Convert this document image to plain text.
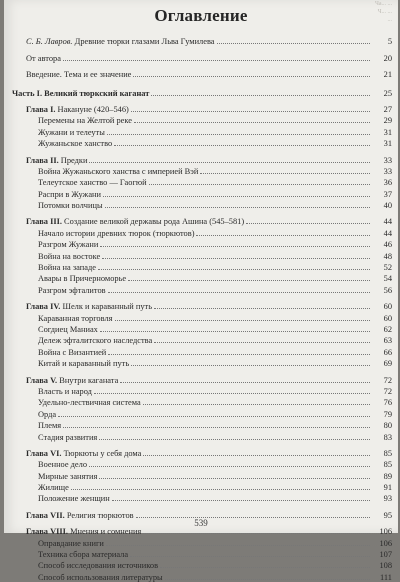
Ча... ...
Ч... ...
...
Оглавление
С. Б. Лавров. Древние тюрки глазами Льва Гумилева	5
От автора	20
Введение. Тема и ее значение	21
Часть I. Великий тюркский каганат	25
Глава I. Накануне (420–546)	27
Перемены на Желтой реке	29
Жужани и телеуты	31
Жужаньское ханство	31
Глава II. Предки	33
Война Жужаньского ханства с империей Вэй	33
Телеутское ханство — Гаогюй	36
Распри в Жужани	37
Потомки волчицы	40
Глава III. Создание великой державы рода Ашина (545–581)	44
Начало истории древних тюрок (тюркютов)	44
Разгром Жужани	46
Война на востоке	48
Война на западе	52
Авары в Причерноморье	54
Разгром эфталитов	56
Глава IV. Шелк и караванный путь	60
Караванная торговля	60
Согдиец Маниах	62
Дележ эфталитского наследства	63
Война с Византией	66
Китай и караванный путь	69
Глава V. Внутри каганата	72
Власть и народ	72
Удельно-лествичная система	76
Орда	79
Племя	80
Стадия развития	83
Глава VI. Тюркюты у себя дома	85
Военное дело	85
Мирные занятия	89
Жилище	91
Положение женщин	93
Глава VII. Религия тюркютов	95
Глава VIII. Мнения и сомнения	106
Оправдание книги	106
Техника сбора материала	107
Способ исследования источников	108
Способ использования литературы	111
539
